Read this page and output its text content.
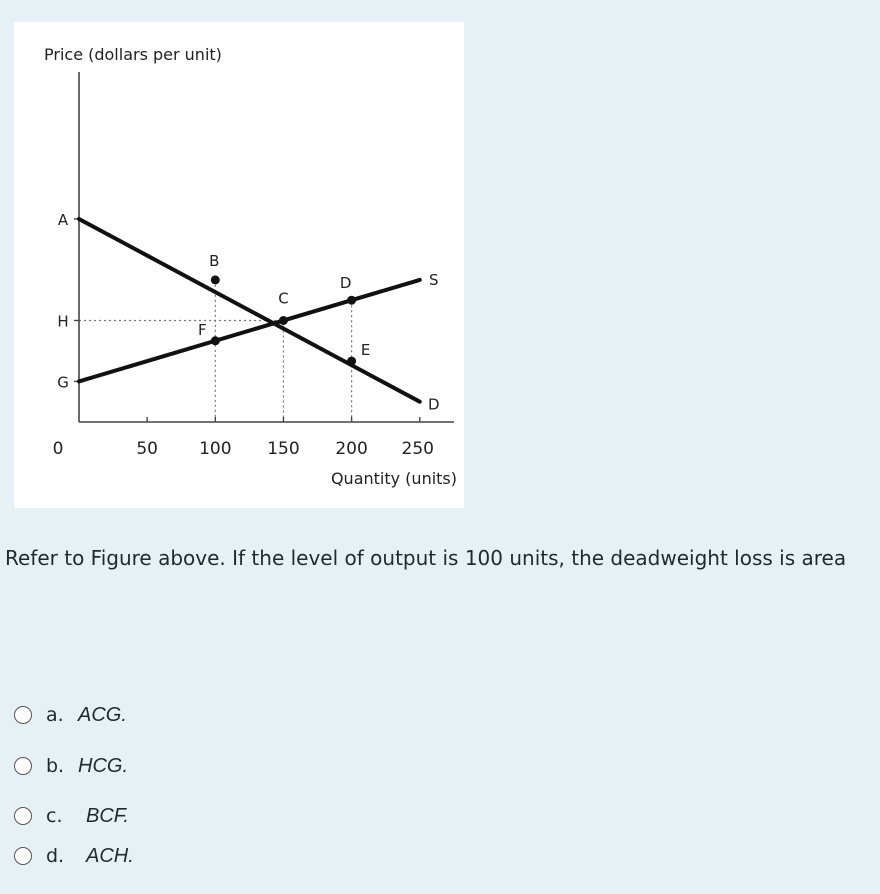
A
H
G
0	50 100 150 200 250
Price (dollars per unit)
Quantity (units)
S
D
B
F
C
D
E
Refer to Figure above. If the level of output is 100 units, the deadweight loss is area
a. ACG.
b. HCG.
c.	BCF.
d.	ACH.
